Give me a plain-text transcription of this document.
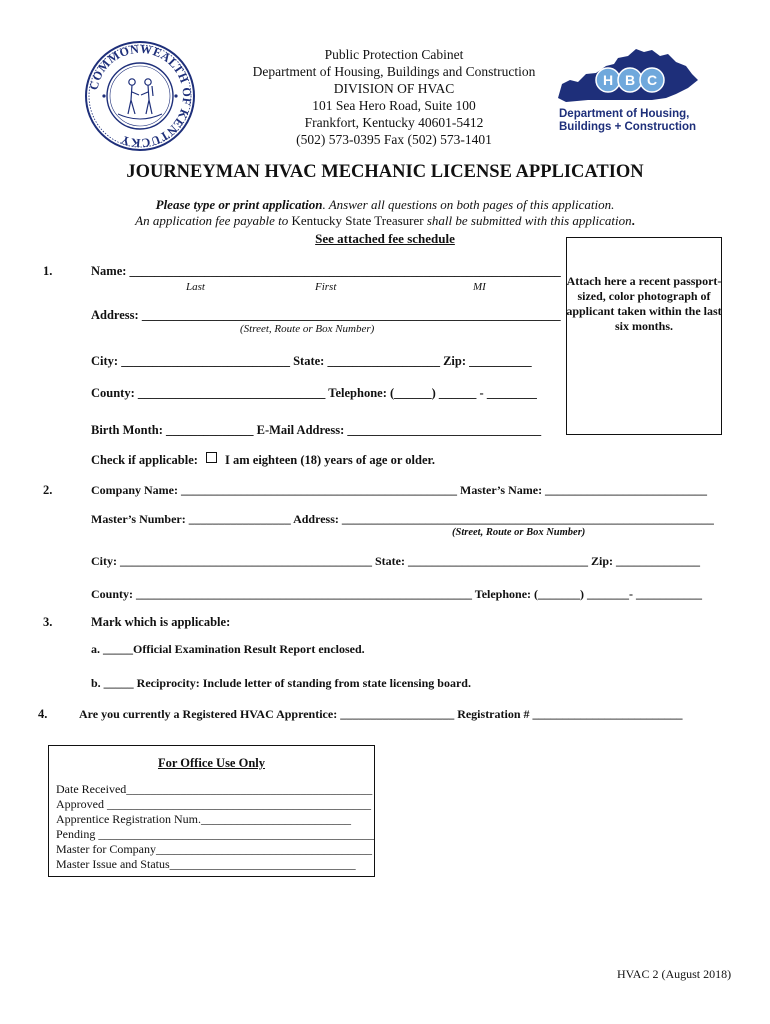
COMMONWEALTH OF KENTUCKY
Public Protection Cabinet
Department of Housing, Buildings and Construction
DIVISION OF HVAC
101 Sea Hero Road, Suite 100
Frankfort, Kentucky 40601-5412
(502) 573-0395 Fax (502) 573-1401
H B C
Department of Housing,
Buildings + Construction
JOURNEYMAN HVAC MECHANIC LICENSE APPLICATION
Please type or print application. Answer all questions on both pages of this application.
An application fee payable to Kentucky State Treasurer shall be submitted with this application.
See attached fee schedule
Attach here a recent passport-sized, color photograph of applicant taken within the last six months.
1.	Name: _____________________________________________________________________
Last	First	MI
Address: ___________________________________________________________________
(Street, Route or Box Number)
City: ___________________________ State: __________________ Zip: __________
County: ______________________________ Telephone: (______) ______ - ________
Birth Month: ______________ E-Mail Address: _______________________________
Check if applicable: I am eighteen (18) years of age or older.
2.	Company Name: ______________________________________________ Master’s Name: ___________________________
Master’s Number: _________________ Address: ______________________________________________________________
(Street, Route or Box Number)
City: __________________________________________ State: ______________________________ Zip: ______________
County: ________________________________________________________ Telephone: (_______) _______- ___________
3.	Mark which is applicable:
a. _____Official Examination Result Report enclosed.
b. _____ Reciprocity: Include letter of standing from state licensing board.
4.	Are you currently a Registered HVAC Apprentice: ___________________ Registration # _________________________
For Office Use Only
Date Received_________________________________________
Approved ____________________________________________
Apprentice Registration Num._________________________
Pending ______________________________________________
Master for Company____________________________________
Master Issue and Status_______________________________
HVAC 2 (August 2018)
